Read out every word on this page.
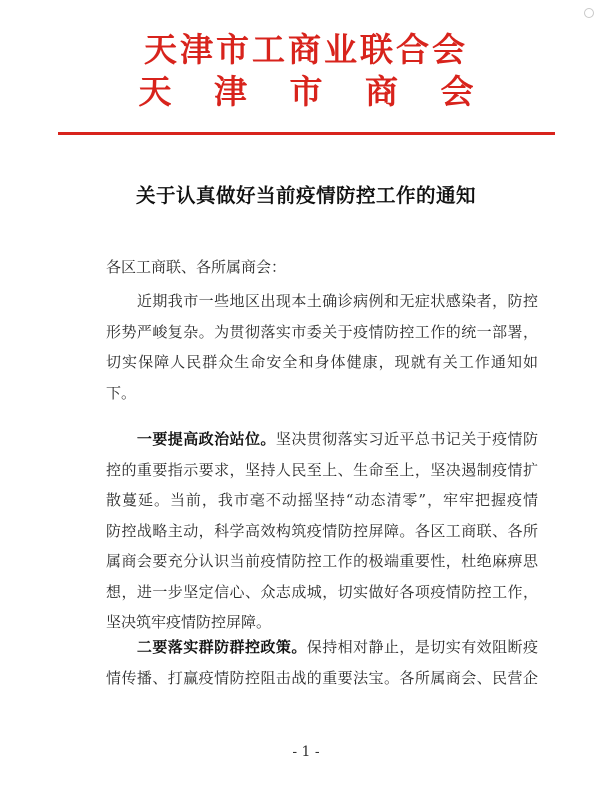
天津市工商业联合会
天 津 市 商 会
关于认真做好当前疫情防控工作的通知
各区工商联、各所属商会：
　　近期我市一些地区出现本土确诊病例和无症状感染者，防控
形势严峻复杂。为贯彻落实市委关于疫情防控工作的统一部署，
切实保障人民群众生命安全和身体健康，现就有关工作通知如
下。
　　一要提高政治站位。坚决贯彻落实习近平总书记关于疫情防
控的重要指示要求，坚持人民至上、生命至上，坚决遏制疫情扩
散蔓延。当前，我市毫不动摇坚持“动态清零”，牢牢把握疫情
防控战略主动，科学高效构筑疫情防控屏障。各区工商联、各所
属商会要充分认识当前疫情防控工作的极端重要性，杜绝麻痹思
想，进一步坚定信心、众志成城，切实做好各项疫情防控工作，
坚决筑牢疫情防控屏障。
　　二要落实群防群控政策。保持相对静止，是切实有效阻断疫
情传播、打赢疫情防控阻击战的重要法宝。各所属商会、民营企
- 1 -
